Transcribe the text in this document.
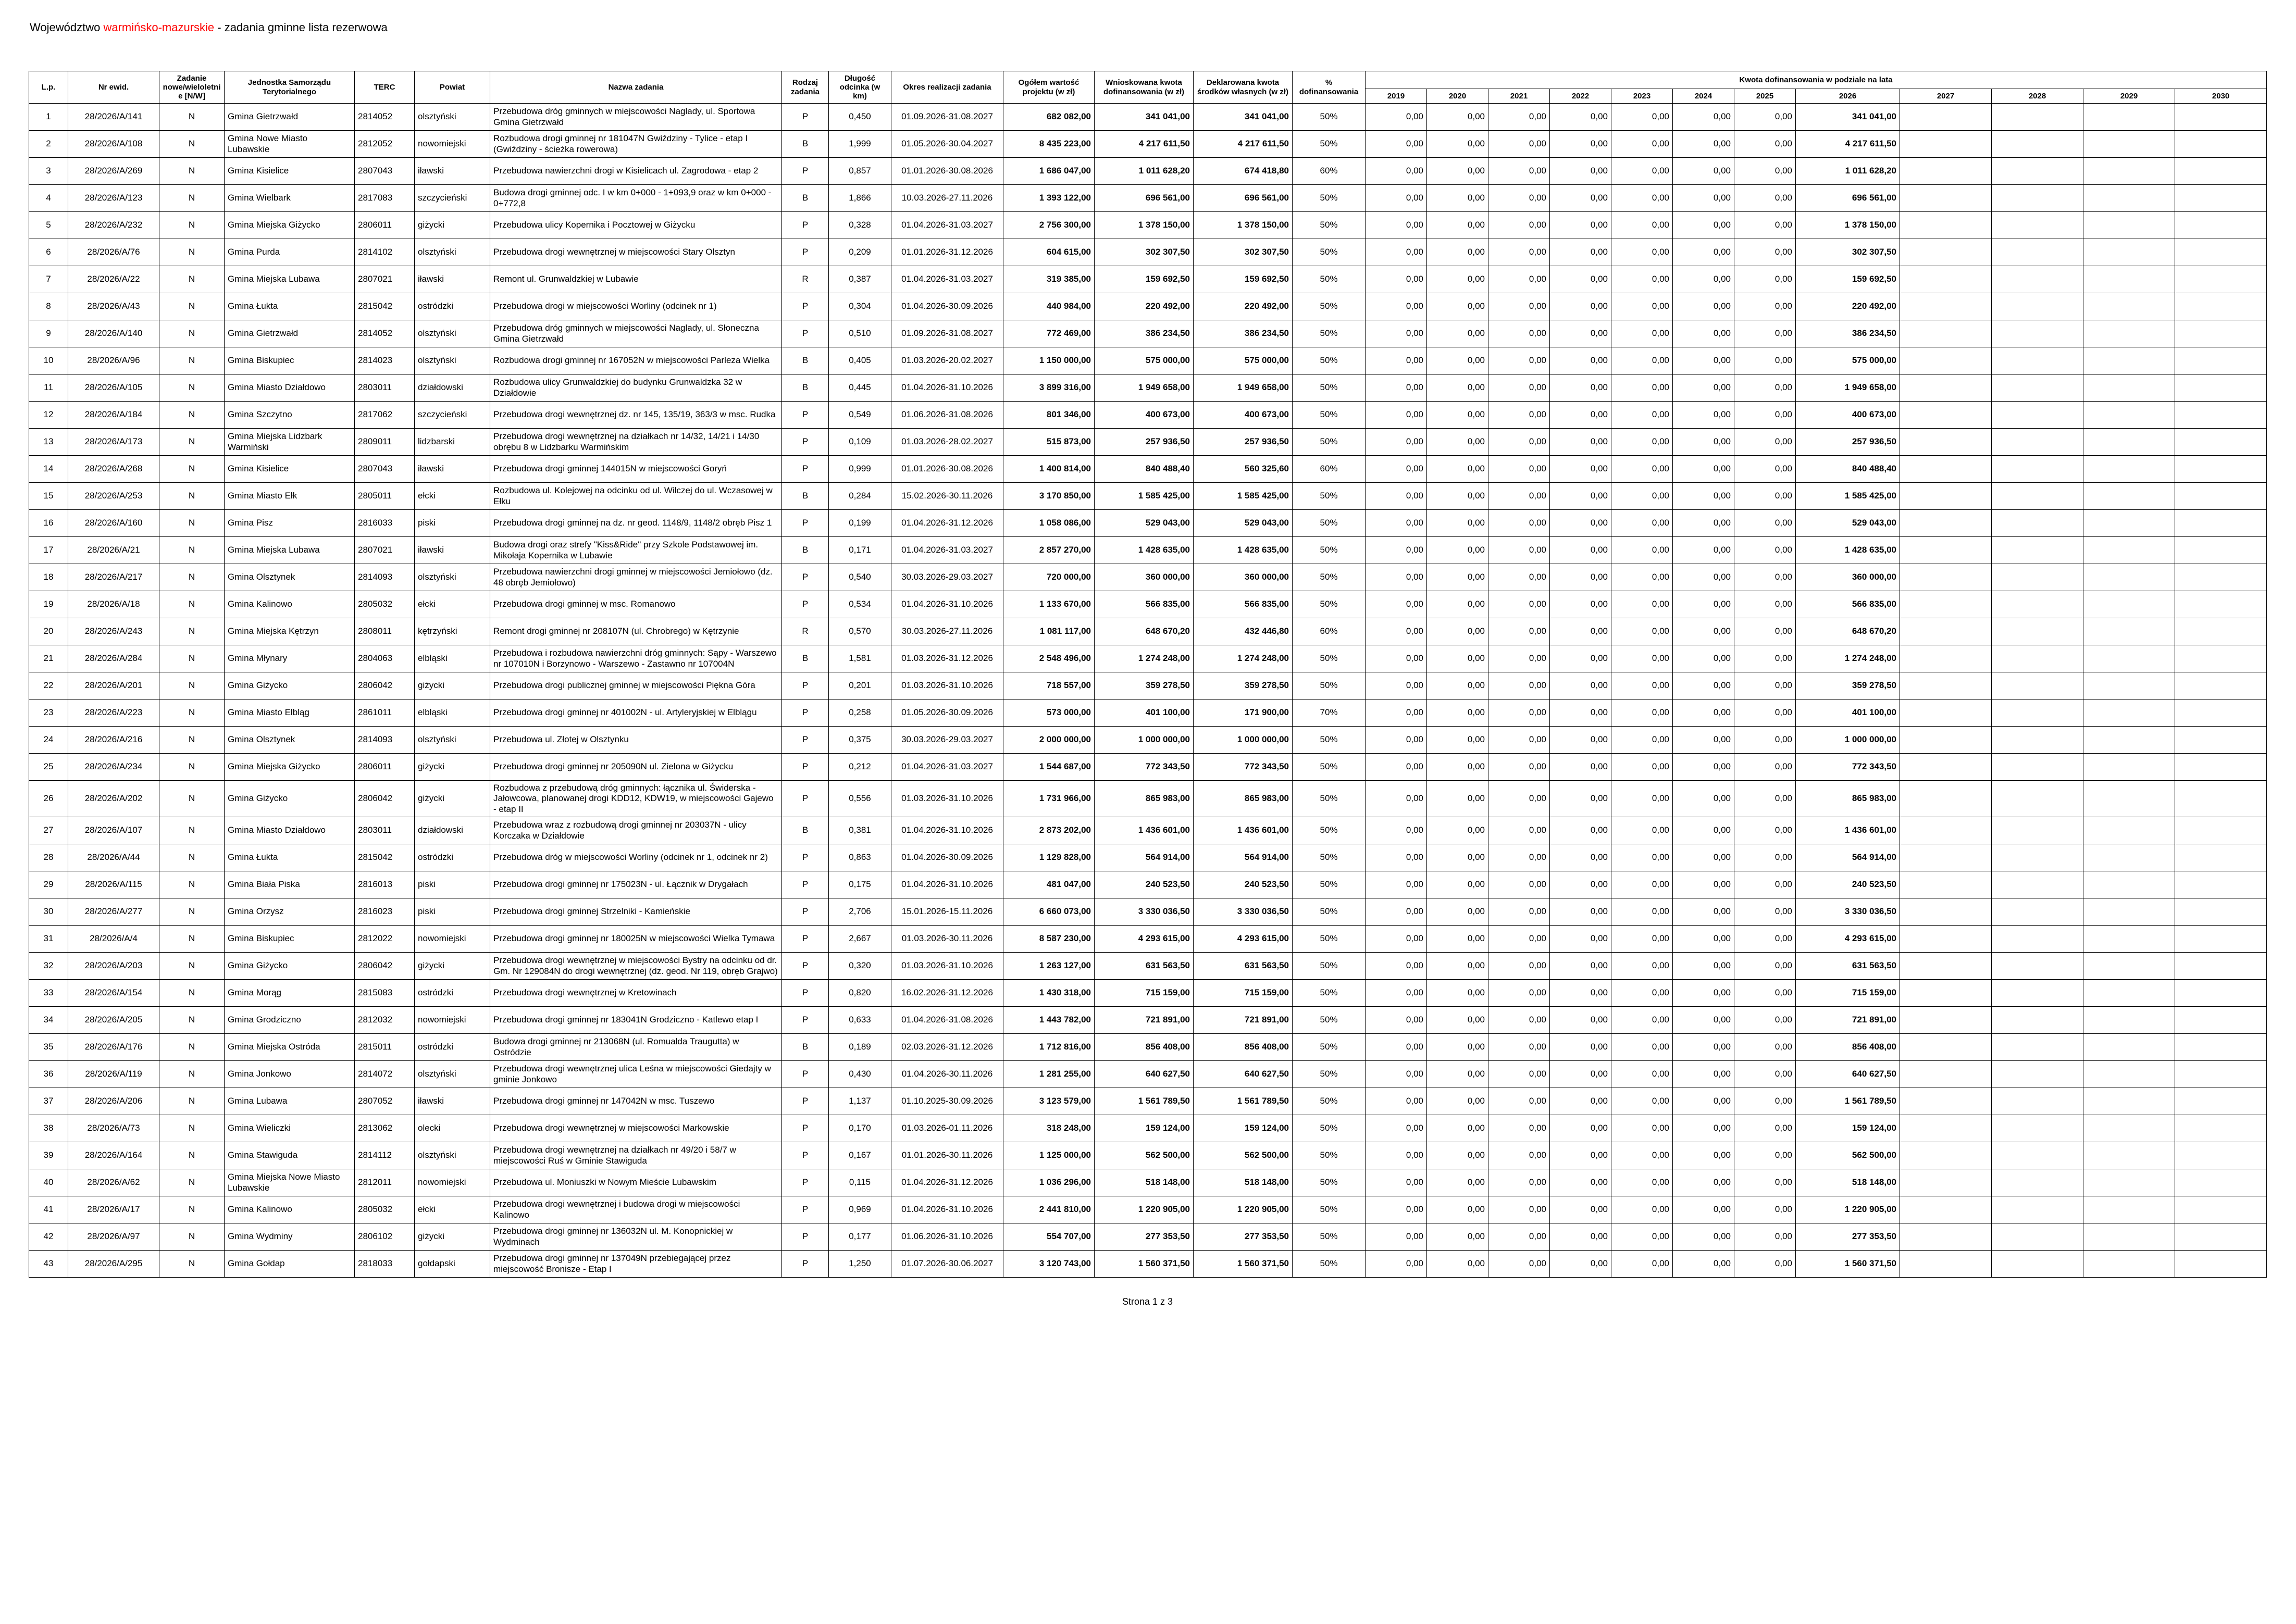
Województwo warmińsko-mazurskie - zadania gminne lista rezerwowa
L.p.	Nr ewid.	Zadanie nowe/wieloletnie [N/W]	Jednostka Samorządu Terytorialnego	TERC	Powiat	Nazwa zadania	Rodzaj zadania	Długość odcinka (w km)	Okres realizacji zadania	Ogółem wartość projektu (w zł)	Wnioskowana kwota dofinansowania (w zł)	Deklarowana kwota środków własnych (w zł)	% dofinansowania	Kwota dofinansowania w podziale na lata											
														2019	2020	2021	2022	2023	2024	2025	2026	2027	2028	2029	2030
1	28/2026/A/141	N	Gmina Gietrzwałd	2814052	olsztyński	Przebudowa dróg gminnych w miejscowości Naglady, ul. Sportowa Gmina Gietrzwałd	P	0,450	01.09.2026-31.08.2027	682 082,00	341 041,00	341 041,00	50%	0,00	0,00	0,00	0,00	0,00	0,00	0,00	341 041,00				
2	28/2026/A/108	N	Gmina Nowe Miasto Lubawskie	2812052	nowomiejski	Rozbudowa drogi gminnej nr 181047N Gwiździny - Tylice - etap I (Gwiździny - ścieżka rowerowa)	B	1,999	01.05.2026-30.04.2027	8 435 223,00	4 217 611,50	4 217 611,50	50%	0,00	0,00	0,00	0,00	0,00	0,00	0,00	4 217 611,50				
3	28/2026/A/269	N	Gmina Kisielice	2807043	iławski	Przebudowa nawierzchni drogi w Kisielicach ul. Zagrodowa - etap 2	P	0,857	01.01.2026-30.08.2026	1 686 047,00	1 011 628,20	674 418,80	60%	0,00	0,00	0,00	0,00	0,00	0,00	0,00	1 011 628,20				
4	28/2026/A/123	N	Gmina Wielbark	2817083	szczycieński	Budowa drogi gminnej odc. I w km 0+000 - 1+093,9 oraz w km 0+000 - 0+772,8	B	1,866	10.03.2026-27.11.2026	1 393 122,00	696 561,00	696 561,00	50%	0,00	0,00	0,00	0,00	0,00	0,00	0,00	696 561,00				
5	28/2026/A/232	N	Gmina Miejska Giżycko	2806011	giżycki	Przebudowa ulicy Kopernika i Pocztowej w Giżycku	P	0,328	01.04.2026-31.03.2027	2 756 300,00	1 378 150,00	1 378 150,00	50%	0,00	0,00	0,00	0,00	0,00	0,00	0,00	1 378 150,00				
6	28/2026/A/76	N	Gmina Purda	2814102	olsztyński	Przebudowa drogi wewnętrznej w miejscowości Stary Olsztyn	P	0,209	01.01.2026-31.12.2026	604 615,00	302 307,50	302 307,50	50%	0,00	0,00	0,00	0,00	0,00	0,00	0,00	302 307,50				
7	28/2026/A/22	N	Gmina Miejska Lubawa	2807021	iławski	Remont ul. Grunwaldzkiej w Lubawie	R	0,387	01.04.2026-31.03.2027	319 385,00	159 692,50	159 692,50	50%	0,00	0,00	0,00	0,00	0,00	0,00	0,00	159 692,50				
8	28/2026/A/43	N	Gmina Łukta	2815042	ostródzki	Przebudowa drogi w miejscowości Worliny (odcinek nr 1)	P	0,304	01.04.2026-30.09.2026	440 984,00	220 492,00	220 492,00	50%	0,00	0,00	0,00	0,00	0,00	0,00	0,00	220 492,00				
9	28/2026/A/140	N	Gmina Gietrzwałd	2814052	olsztyński	Przebudowa dróg gminnych w miejscowości Naglady, ul. Słoneczna Gmina Gietrzwałd	P	0,510	01.09.2026-31.08.2027	772 469,00	386 234,50	386 234,50	50%	0,00	0,00	0,00	0,00	0,00	0,00	0,00	386 234,50				
10	28/2026/A/96	N	Gmina Biskupiec	2814023	olsztyński	Rozbudowa drogi gminnej nr 167052N w miejscowości Parleza Wielka	B	0,405	01.03.2026-20.02.2027	1 150 000,00	575 000,00	575 000,00	50%	0,00	0,00	0,00	0,00	0,00	0,00	0,00	575 000,00				
11	28/2026/A/105	N	Gmina Miasto Działdowo	2803011	działdowski	Rozbudowa ulicy Grunwaldzkiej do budynku Grunwaldzka 32 w Działdowie	B	0,445	01.04.2026-31.10.2026	3 899 316,00	1 949 658,00	1 949 658,00	50%	0,00	0,00	0,00	0,00	0,00	0,00	0,00	1 949 658,00				
12	28/2026/A/184	N	Gmina Szczytno	2817062	szczycieński	Przebudowa drogi wewnętrznej dz. nr 145, 135/19, 363/3 w msc. Rudka	P	0,549	01.06.2026-31.08.2026	801 346,00	400 673,00	400 673,00	50%	0,00	0,00	0,00	0,00	0,00	0,00	0,00	400 673,00				
13	28/2026/A/173	N	Gmina Miejska Lidzbark Warmiński	2809011	lidzbarski	Przebudowa drogi wewnętrznej na działkach nr 14/32, 14/21 i 14/30 obrębu 8 w Lidzbarku Warmińskim	P	0,109	01.03.2026-28.02.2027	515 873,00	257 936,50	257 936,50	50%	0,00	0,00	0,00	0,00	0,00	0,00	0,00	257 936,50				
14	28/2026/A/268	N	Gmina Kisielice	2807043	iławski	Przebudowa drogi gminnej 144015N w miejscowości Goryń	P	0,999	01.01.2026-30.08.2026	1 400 814,00	840 488,40	560 325,60	60%	0,00	0,00	0,00	0,00	0,00	0,00	0,00	840 488,40				
15	28/2026/A/253	N	Gmina Miasto Ełk	2805011	ełcki	Rozbudowa ul. Kolejowej na odcinku od ul. Wilczej do ul. Wczasowej w Ełku	B	0,284	15.02.2026-30.11.2026	3 170 850,00	1 585 425,00	1 585 425,00	50%	0,00	0,00	0,00	0,00	0,00	0,00	0,00	1 585 425,00				
16	28/2026/A/160	N	Gmina Pisz	2816033	piski	Przebudowa drogi gminnej na dz. nr geod. 1148/9, 1148/2 obręb Pisz 1	P	0,199	01.04.2026-31.12.2026	1 058 086,00	529 043,00	529 043,00	50%	0,00	0,00	0,00	0,00	0,00	0,00	0,00	529 043,00				
17	28/2026/A/21	N	Gmina Miejska Lubawa	2807021	iławski	Budowa drogi oraz strefy "Kiss&Ride" przy Szkole Podstawowej im. Mikołaja Kopernika w Lubawie	B	0,171	01.04.2026-31.03.2027	2 857 270,00	1 428 635,00	1 428 635,00	50%	0,00	0,00	0,00	0,00	0,00	0,00	0,00	1 428 635,00				
18	28/2026/A/217	N	Gmina Olsztynek	2814093	olsztyński	Przebudowa nawierzchni drogi gminnej w miejscowości Jemiołowo (dz. 48 obręb Jemiołowo)	P	0,540	30.03.2026-29.03.2027	720 000,00	360 000,00	360 000,00	50%	0,00	0,00	0,00	0,00	0,00	0,00	0,00	360 000,00				
19	28/2026/A/18	N	Gmina Kalinowo	2805032	ełcki	Przebudowa drogi gminnej w msc. Romanowo	P	0,534	01.04.2026-31.10.2026	1 133 670,00	566 835,00	566 835,00	50%	0,00	0,00	0,00	0,00	0,00	0,00	0,00	566 835,00				
20	28/2026/A/243	N	Gmina Miejska Kętrzyn	2808011	kętrzyński	Remont drogi gminnej nr 208107N (ul. Chrobrego) w Kętrzynie	R	0,570	30.03.2026-27.11.2026	1 081 117,00	648 670,20	432 446,80	60%	0,00	0,00	0,00	0,00	0,00	0,00	0,00	648 670,20				
21	28/2026/A/284	N	Gmina Młynary	2804063	elbląski	Przebudowa i rozbudowa nawierzchni dróg gminnych: Sąpy - Warszewo nr 107010N i Borzynowo - Warszewo - Zastawno nr 107004N	B	1,581	01.03.2026-31.12.2026	2 548 496,00	1 274 248,00	1 274 248,00	50%	0,00	0,00	0,00	0,00	0,00	0,00	0,00	1 274 248,00				
22	28/2026/A/201	N	Gmina Giżycko	2806042	giżycki	Przebudowa drogi publicznej gminnej w miejscowości Piękna Góra	P	0,201	01.03.2026-31.10.2026	718 557,00	359 278,50	359 278,50	50%	0,00	0,00	0,00	0,00	0,00	0,00	0,00	359 278,50				
23	28/2026/A/223	N	Gmina Miasto Elbląg	2861011	elbląski	Przebudowa drogi gminnej nr 401002N - ul. Artyleryjskiej w Elblągu	P	0,258	01.05.2026-30.09.2026	573 000,00	401 100,00	171 900,00	70%	0,00	0,00	0,00	0,00	0,00	0,00	0,00	401 100,00				
24	28/2026/A/216	N	Gmina Olsztynek	2814093	olsztyński	Przebudowa ul. Złotej w Olsztynku	P	0,375	30.03.2026-29.03.2027	2 000 000,00	1 000 000,00	1 000 000,00	50%	0,00	0,00	0,00	0,00	0,00	0,00	0,00	1 000 000,00				
25	28/2026/A/234	N	Gmina Miejska Giżycko	2806011	giżycki	Przebudowa drogi gminnej nr 205090N ul. Zielona w Giżycku	P	0,212	01.04.2026-31.03.2027	1 544 687,00	772 343,50	772 343,50	50%	0,00	0,00	0,00	0,00	0,00	0,00	0,00	772 343,50				
26	28/2026/A/202	N	Gmina Giżycko	2806042	giżycki	Rozbudowa z przebudową dróg gminnych: łącznika ul. Świderska - Jałowcowa, planowanej drogi KDD12, KDW19, w miejscowości Gajewo - etap II	P	0,556	01.03.2026-31.10.2026	1 731 966,00	865 983,00	865 983,00	50%	0,00	0,00	0,00	0,00	0,00	0,00	0,00	865 983,00				
27	28/2026/A/107	N	Gmina Miasto Działdowo	2803011	działdowski	Przebudowa wraz z rozbudową drogi gminnej nr 203037N - ulicy Korczaka w Działdowie	B	0,381	01.04.2026-31.10.2026	2 873 202,00	1 436 601,00	1 436 601,00	50%	0,00	0,00	0,00	0,00	0,00	0,00	0,00	1 436 601,00				
28	28/2026/A/44	N	Gmina Łukta	2815042	ostródzki	Przebudowa dróg w miejscowości Worliny (odcinek nr 1, odcinek nr 2)	P	0,863	01.04.2026-30.09.2026	1 129 828,00	564 914,00	564 914,00	50%	0,00	0,00	0,00	0,00	0,00	0,00	0,00	564 914,00				
29	28/2026/A/115	N	Gmina Biała Piska	2816013	piski	Przebudowa drogi gminnej nr 175023N - ul. Łącznik w Drygałach	P	0,175	01.04.2026-31.10.2026	481 047,00	240 523,50	240 523,50	50%	0,00	0,00	0,00	0,00	0,00	0,00	0,00	240 523,50				
30	28/2026/A/277	N	Gmina Orzysz	2816023	piski	Przebudowa drogi gminnej Strzelniki - Kamieńskie	P	2,706	15.01.2026-15.11.2026	6 660 073,00	3 330 036,50	3 330 036,50	50%	0,00	0,00	0,00	0,00	0,00	0,00	0,00	3 330 036,50				
31	28/2026/A/4	N	Gmina Biskupiec	2812022	nowomiejski	Przebudowa drogi gminnej nr 180025N w miejscowości Wielka Tymawa	P	2,667	01.03.2026-30.11.2026	8 587 230,00	4 293 615,00	4 293 615,00	50%	0,00	0,00	0,00	0,00	0,00	0,00	0,00	4 293 615,00				
32	28/2026/A/203	N	Gmina Giżycko	2806042	giżycki	Przebudowa drogi wewnętrznej w miejscowości Bystry na odcinku od dr. Gm. Nr 129084N do drogi wewnętrznej (dz. geod. Nr 119, obręb Grajwo)	P	0,320	01.03.2026-31.10.2026	1 263 127,00	631 563,50	631 563,50	50%	0,00	0,00	0,00	0,00	0,00	0,00	0,00	631 563,50				
33	28/2026/A/154	N	Gmina Morąg	2815083	ostródzki	Przebudowa drogi wewnętrznej w Kretowinach	P	0,820	16.02.2026-31.12.2026	1 430 318,00	715 159,00	715 159,00	50%	0,00	0,00	0,00	0,00	0,00	0,00	0,00	715 159,00				
34	28/2026/A/205	N	Gmina Grodziczno	2812032	nowomiejski	Przebudowa drogi gminnej nr 183041N Grodziczno - Katlewo etap I	P	0,633	01.04.2026-31.08.2026	1 443 782,00	721 891,00	721 891,00	50%	0,00	0,00	0,00	0,00	0,00	0,00	0,00	721 891,00				
35	28/2026/A/176	N	Gmina Miejska Ostróda	2815011	ostródzki	Budowa drogi gminnej nr 213068N (ul. Romualda Traugutta) w Ostródzie	B	0,189	02.03.2026-31.12.2026	1 712 816,00	856 408,00	856 408,00	50%	0,00	0,00	0,00	0,00	0,00	0,00	0,00	856 408,00				
36	28/2026/A/119	N	Gmina Jonkowo	2814072	olsztyński	Przebudowa drogi wewnętrznej ulica Leśna w miejscowości Giedajty w gminie Jonkowo	P	0,430	01.04.2026-30.11.2026	1 281 255,00	640 627,50	640 627,50	50%	0,00	0,00	0,00	0,00	0,00	0,00	0,00	640 627,50				
37	28/2026/A/206	N	Gmina Lubawa	2807052	iławski	Przebudowa drogi gminnej nr 147042N w msc. Tuszewo	P	1,137	01.10.2025-30.09.2026	3 123 579,00	1 561 789,50	1 561 789,50	50%	0,00	0,00	0,00	0,00	0,00	0,00	0,00	1 561 789,50				
38	28/2026/A/73	N	Gmina Wieliczki	2813062	olecki	Przebudowa drogi wewnętrznej w miejscowości Markowskie	P	0,170	01.03.2026-01.11.2026	318 248,00	159 124,00	159 124,00	50%	0,00	0,00	0,00	0,00	0,00	0,00	0,00	159 124,00				
39	28/2026/A/164	N	Gmina Stawiguda	2814112	olsztyński	Przebudowa drogi wewnętrznej na działkach nr 49/20 i 58/7 w miejscowości Ruś w Gminie Stawiguda	P	0,167	01.01.2026-30.11.2026	1 125 000,00	562 500,00	562 500,00	50%	0,00	0,00	0,00	0,00	0,00	0,00	0,00	562 500,00				
40	28/2026/A/62	N	Gmina Miejska Nowe Miasto Lubawskie	2812011	nowomiejski	Przebudowa ul. Moniuszki w Nowym Mieście Lubawskim	P	0,115	01.04.2026-31.12.2026	1 036 296,00	518 148,00	518 148,00	50%	0,00	0,00	0,00	0,00	0,00	0,00	0,00	518 148,00				
41	28/2026/A/17	N	Gmina Kalinowo	2805032	ełcki	Przebudowa drogi wewnętrznej i budowa drogi w miejscowości Kalinowo	P	0,969	01.04.2026-31.10.2026	2 441 810,00	1 220 905,00	1 220 905,00	50%	0,00	0,00	0,00	0,00	0,00	0,00	0,00	1 220 905,00				
42	28/2026/A/97	N	Gmina Wydminy	2806102	giżycki	Przebudowa drogi gminnej nr 136032N ul. M. Konopnickiej w Wydminach	P	0,177	01.06.2026-31.10.2026	554 707,00	277 353,50	277 353,50	50%	0,00	0,00	0,00	0,00	0,00	0,00	0,00	277 353,50				
43	28/2026/A/295	N	Gmina Gołdap	2818033	gołdapski	Przebudowa drogi gminnej nr 137049N przebiegającej przez miejscowość Bronisze - Etap I	P	1,250	01.07.2026-30.06.2027	3 120 743,00	1 560 371,50	1 560 371,50	50%	0,00	0,00	0,00	0,00	0,00	0,00	0,00	1 560 371,50				
Strona 1 z 3
